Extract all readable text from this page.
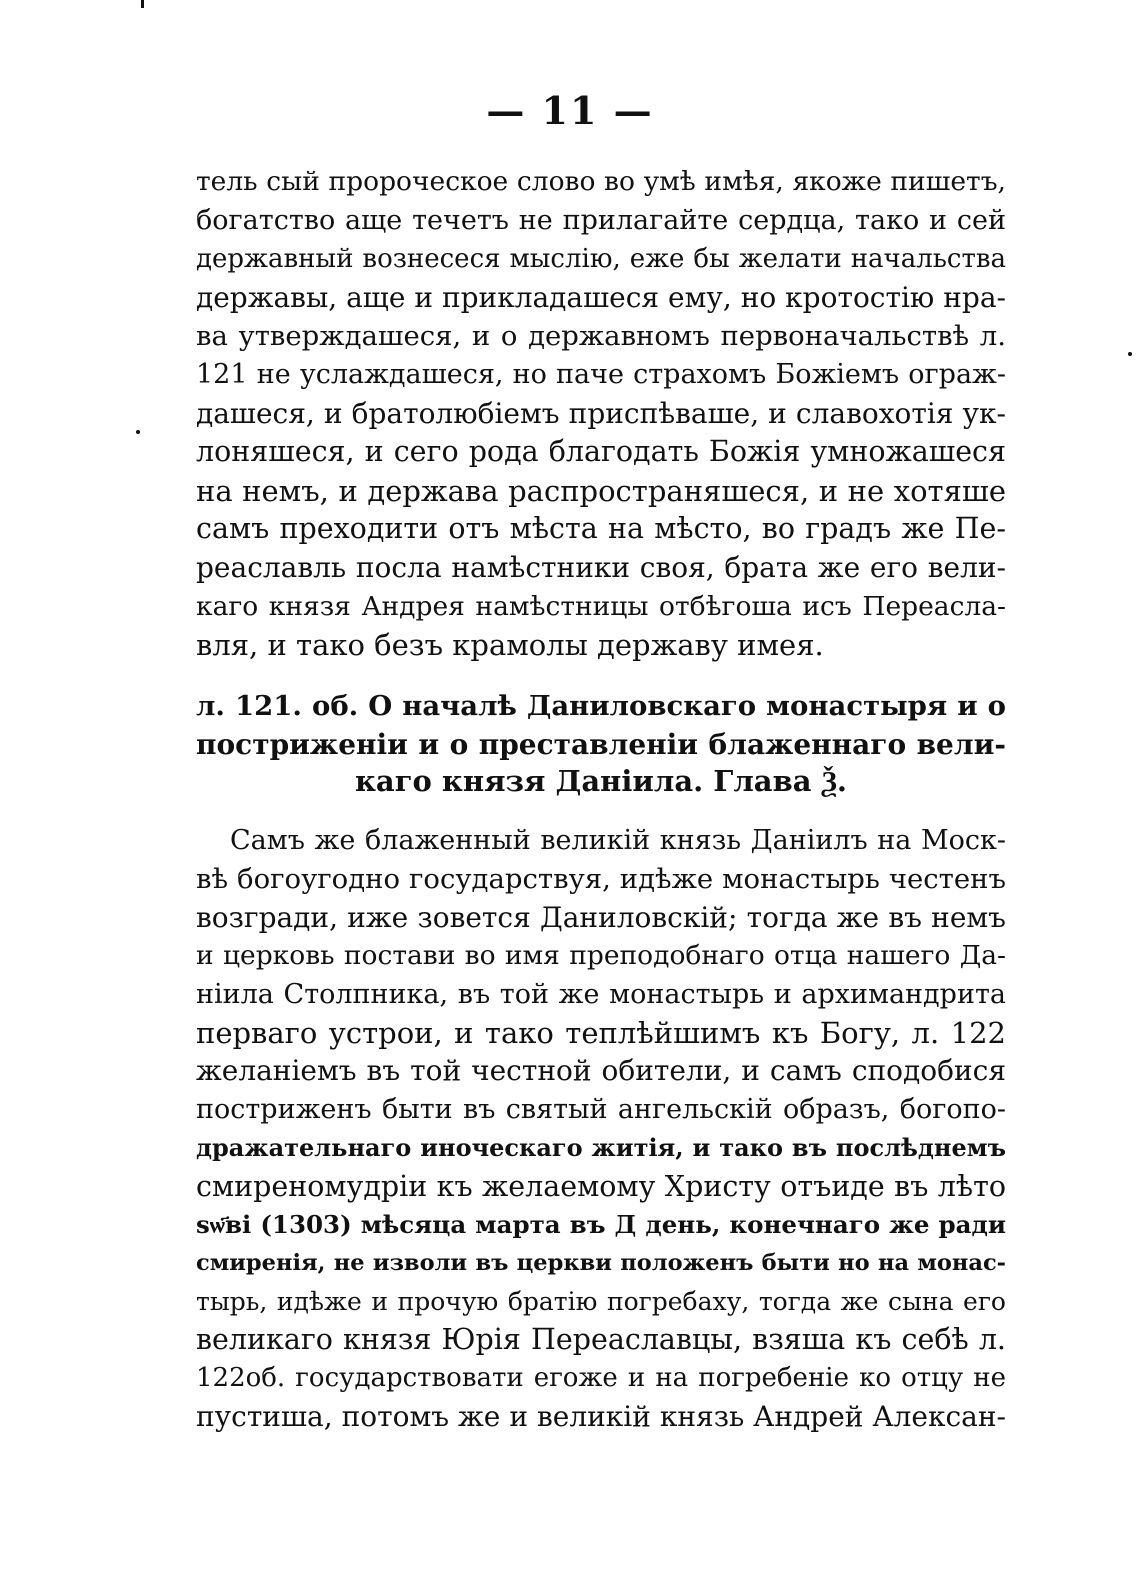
— 11 —
тель сый пророческое слово во умѣ имѣя, якоже пишетъ,
богатство аще течетъ не прилагайте сердца, тако и сей
державный вознесеся мыслію, еже бы желати начальства
державы, аще и прикладашеся ему, но кротостію нра-
ва утверждашеся, и о державномъ первоначальствѣ л.
121 не услаждашеся, но паче страхомъ Божіемъ ограж-
дашеся, и братолюбіемъ приспѣваше, и славохотія ук-
лоняшеся, и сего рода благодать Божія умножашеся
на немъ, и держава распространяшеся, и не хотяше
самъ преходити отъ мѣста на мѣсто, во градъ же Пе-
реаславль посла намѣстники своя, брата же его вели-
каго князя Андрея намѣстницы отбѣгоша исъ Переасла-
вля, и тако безъ крамолы державу имея.
л. 121. об. О началѣ Даниловскаго монастыря и о
постриженіи и о преставленіи блаженнаго вели-
каго князя Даніила. Глава Ѯ.
Самъ же блаженный великій князь Даніилъ на Моск-
вѣ богоугодно государствуя, идѣже монастырь честенъ
возгради, иже зовется Даниловскій; тогда же въ немъ
и церковь постави во имя преподобнаго отца нашего Да-
ніила Столпника, въ той же монастырь и архимандрита
перваго устрои, и тако теплѣйшимъ къ Богу, л. 122
желаніемъ въ той честной обители, и самъ сподобися
постриженъ быти въ святый ангельскій образъ, богопо-
дражательнаго иноческаго житія, и тако въ послѣднемъ
смиреномудріи къ желаемому Христу отъиде въ лѣто
ѕѡ҃ві (1303) мѣсяца марта въ Д день, конечнаго же ради
смиренія, не изволи въ церкви положенъ быти но на монас-
тырь, идѣже и прочую братію погребаху, тогда же сына его
великаго князя Юрія Переаславцы, взяша къ себѣ л.
122об. государствовати егоже и на погребеніе ко отцу не
пустиша, потомъ же и великій князь Андрей Алексан-
